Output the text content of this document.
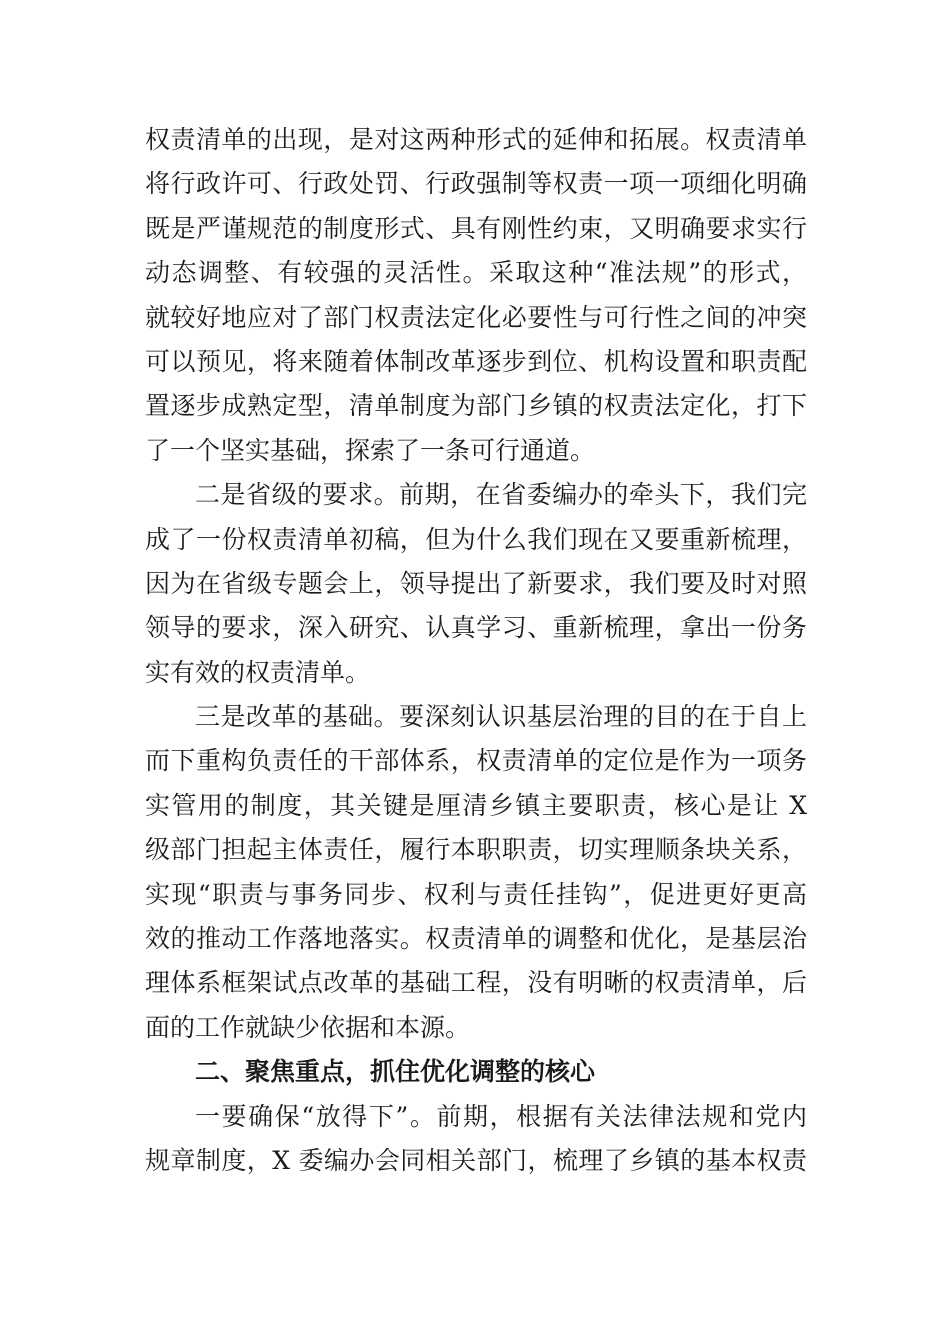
权责清单的出现，是对这两种形式的延伸和拓展。权责清单
将行政许可、行政处罚、行政强制等权责一项一项细化明确
既是严谨规范的制度形式、具有刚性约束，又明确要求实行
动态调整、有较强的灵活性。采取这种“准法规”的形式，
就较好地应对了部门权责法定化必要性与可行性之间的冲突
可以预见，将来随着体制改革逐步到位、机构设置和职责配
置逐步成熟定型，清单制度为部门乡镇的权责法定化，打下
了一个坚实基础，探索了一条可行通道。
二是省级的要求。前期，在省委编办的牵头下，我们完
成了一份权责清单初稿，但为什么我们现在又要重新梳理，
因为在省级专题会上，领导提出了新要求，我们要及时对照
领导的要求，深入研究、认真学习、重新梳理，拿出一份务
实有效的权责清单。
三是改革的基础。要深刻认识基层治理的目的在于自上
而下重构负责任的干部体系，权责清单的定位是作为一项务
实管用的制度，其关键是厘清乡镇主要职责，核心是让 X
级部门担起主体责任，履行本职职责，切实理顺条块关系，
实现“职责与事务同步、权利与责任挂钩”，促进更好更高
效的推动工作落地落实。权责清单的调整和优化，是基层治
理体系框架试点改革的基础工程，没有明晰的权责清单，后
面的工作就缺少依据和本源。
二、聚焦重点，抓住优化调整的核心
一要确保“放得下”。前期，根据有关法律法规和党内
规章制度，X 委编办会同相关部门，梳理了乡镇的基本权责
